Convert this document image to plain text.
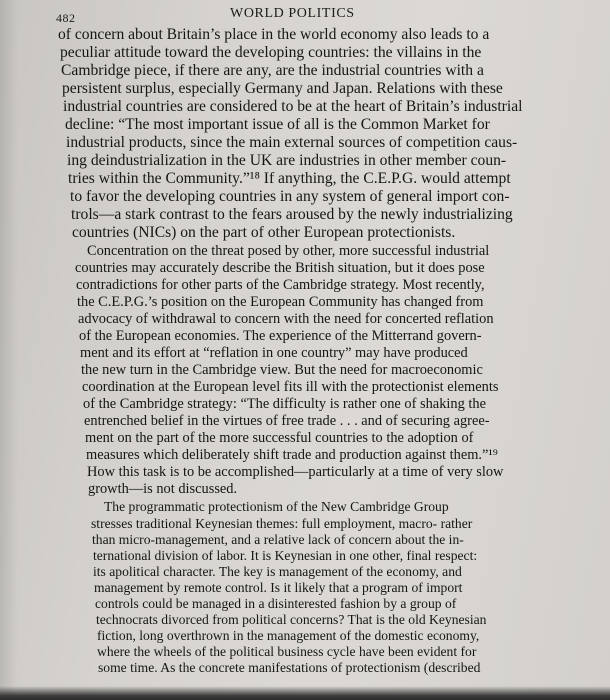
482	WORLD POLITICS
of concern about Britain’s place in the world economy also leads to a
peculiar attitude toward the developing countries: the villains in the
Cambridge piece, if there are any, are the industrial countries with a
persistent surplus, especially Germany and Japan. Relations with these
industrial countries are considered to be at the heart of Britain’s industrial
decline: “The most important issue of all is the Common Market for
industrial products, since the main external sources of competition caus-
ing deindustrialization in the UK are industries in other member coun-
tries within the Community.”¹⁸ If anything, the C.E.P.G. would attempt
to favor the developing countries in any system of general import con-
trols—a stark contrast to the fears aroused by the newly industrializing
countries (NICs) on the part of other European protectionists.
Concentration on the threat posed by other, more successful industrial
countries may accurately describe the British situation, but it does pose
contradictions for other parts of the Cambridge strategy. Most recently,
the C.E.P.G.’s position on the European Community has changed from
advocacy of withdrawal to concern with the need for concerted reflation
of the European economies. The experience of the Mitterrand govern-
ment and its effort at “reflation in one country” may have produced
the new turn in the Cambridge view. But the need for macroeconomic
coordination at the European level fits ill with the protectionist elements
of the Cambridge strategy: “The difficulty is rather one of shaking the
entrenched belief in the virtues of free trade . . . and of securing agree-
ment on the part of the more successful countries to the adoption of
measures which deliberately shift trade and production against them.”¹⁹
How this task is to be accomplished—particularly at a time of very slow
growth—is not discussed.
The programmatic protectionism of the New Cambridge Group
stresses traditional Keynesian themes: full employment, macro- rather
than micro-management, and a relative lack of concern about the in-
ternational division of labor. It is Keynesian in one other, final respect:
its apolitical character. The key is management of the economy, and
management by remote control. Is it likely that a program of import
controls could be managed in a disinterested fashion by a group of
technocrats divorced from political concerns? That is the old Keynesian
fiction, long overthrown in the management of the domestic economy,
where the wheels of the political business cycle have been evident for
some time. As the concrete manifestations of protectionism (described
